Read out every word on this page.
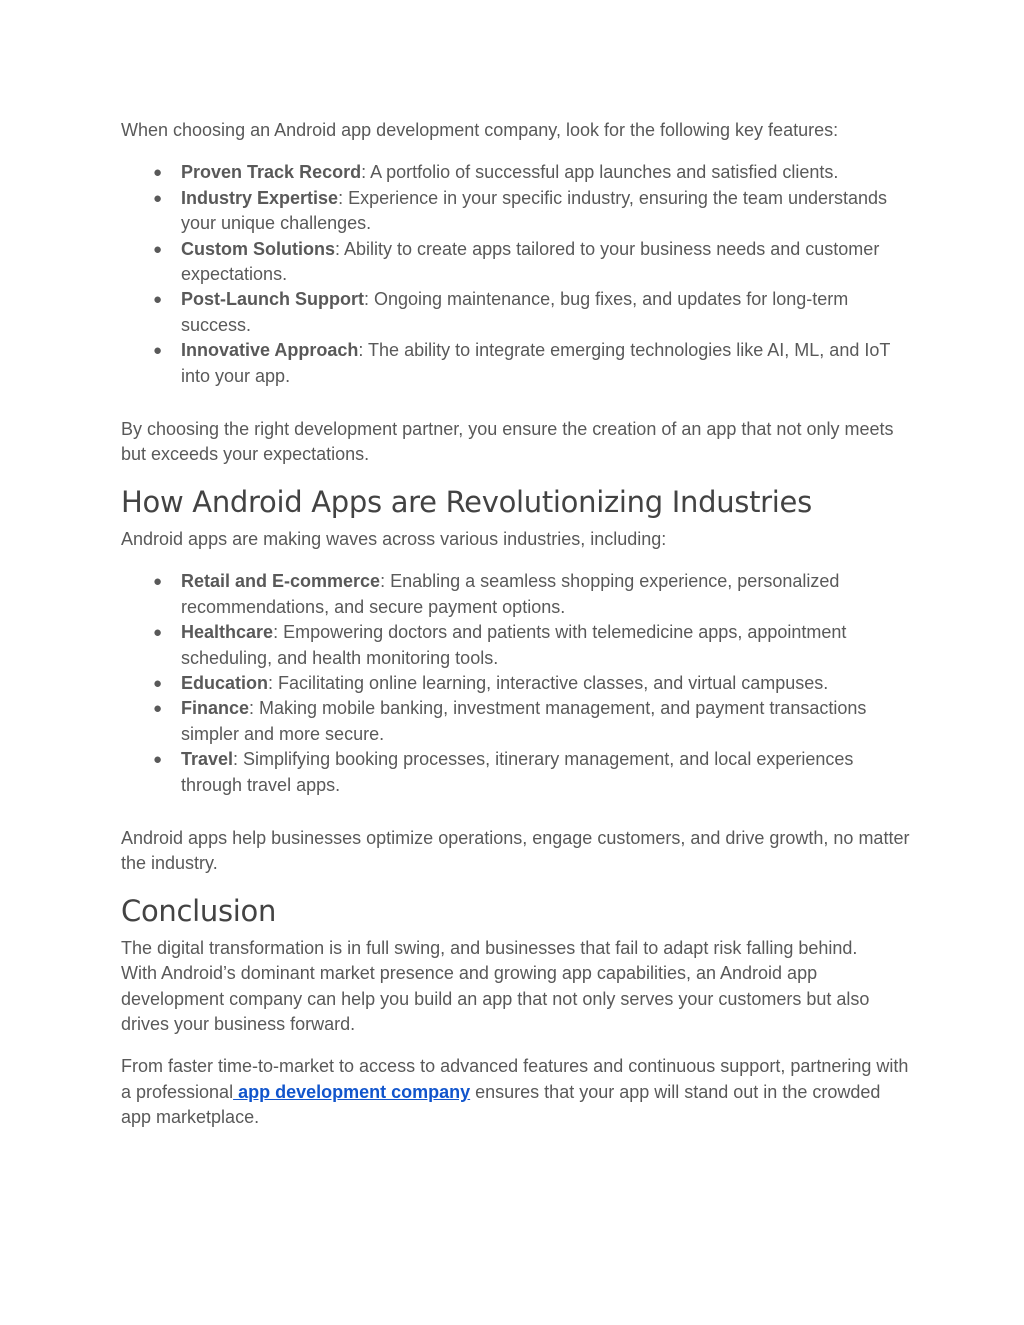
When choosing an Android app development company, look for the following key features:

● Proven Track Record: A portfolio of successful app launches and satisfied clients.
● Industry Expertise: Experience in your specific industry, ensuring the team understands your unique challenges.
● Custom Solutions: Ability to create apps tailored to your business needs and customer expectations.
● Post-Launch Support: Ongoing maintenance, bug fixes, and updates for long-term success.
● Innovative Approach: The ability to integrate emerging technologies like AI, ML, and IoT into your app.

By choosing the right development partner, you ensure the creation of an app that not only meets but exceeds your expectations.

How Android Apps are Revolutionizing Industries

Android apps are making waves across various industries, including:

● Retail and E-commerce: Enabling a seamless shopping experience, personalized recommendations, and secure payment options.
● Healthcare: Empowering doctors and patients with telemedicine apps, appointment scheduling, and health monitoring tools.
● Education: Facilitating online learning, interactive classes, and virtual campuses.
● Finance: Making mobile banking, investment management, and payment transactions simpler and more secure.
● Travel: Simplifying booking processes, itinerary management, and local experiences through travel apps.

Android apps help businesses optimize operations, engage customers, and drive growth, no matter the industry.

Conclusion

The digital transformation is in full swing, and businesses that fail to adapt risk falling behind.

With Android’s dominant market presence and growing app capabilities, an Android app development company can help you build an app that not only serves your customers but also drives your business forward.

From faster time-to-market to access to advanced features and continuous support, partnering with a professional app development company ensures that your app will stand out in the crowded app marketplace.
